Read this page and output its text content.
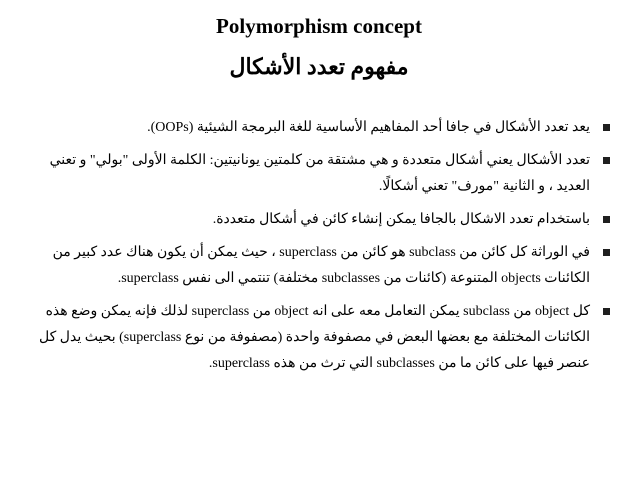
Polymorphism concept
مفهوم تعدد الأشكال
يعد تعدد الأشكال في جافا أحد المفاهيم الأساسية للغة البرمجة الشيئية (OOPs).
تعدد الأشكال يعني أشكال متعددة و هي مشتقة من كلمتين يونانيتين: الكلمة الأولى "بولي" و تعني العديد ، و الثانية "مورف" تعني أشكالًا.
باستخدام تعدد الاشكال بالجافا يمكن إنشاء كائن في أشكال متعددة.
في الوراثة كل كائن من subclass هو كائن من superclass ، حيث يمكن أن يكون هناك عدد كبير من الكائنات objects المتنوعة (كائنات من subclasses مختلفة) تنتمي الى نفس superclass.
كل object من subclass يمكن التعامل معه على انه object من superclass لذلك فإنه يمكن وضع هذه الكائنات المختلفة مع بعضها البعض في مصفوفة واحدة (مصفوفة من نوع superclass) بحيث يدل كل عنصر فيها على كائن ما من subclasses التي ترث من هذه superclass.
